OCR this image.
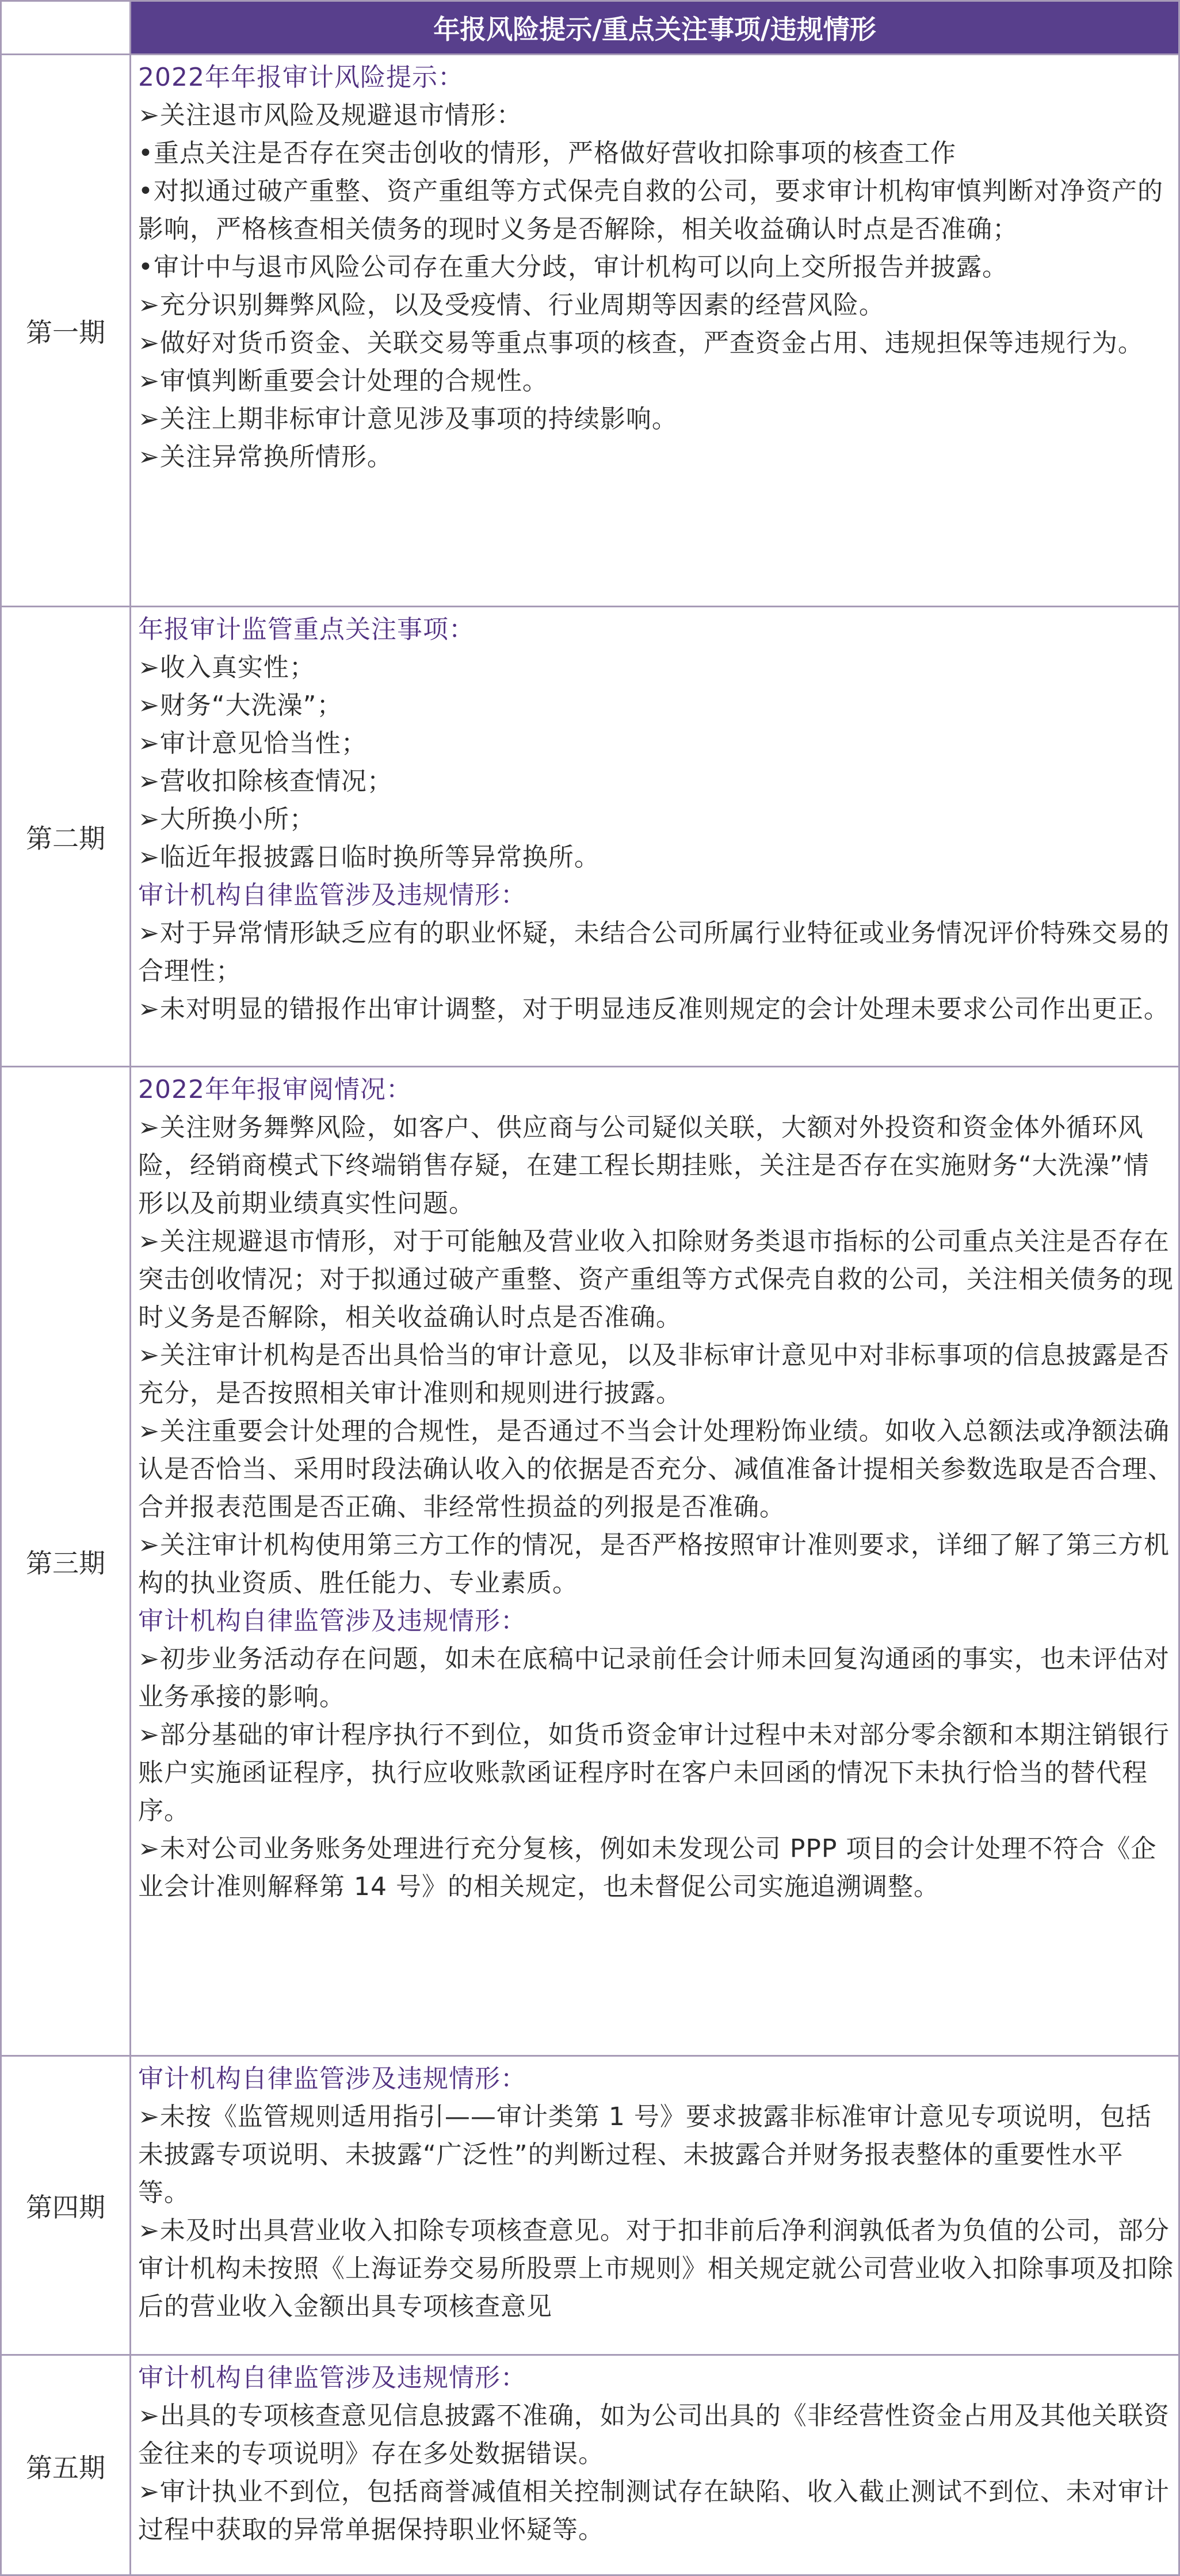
年报风险提示/重点关注事项/违规情形
第一期
2022年年报审计风险提示：
➢关注退市风险及规避退市情形：
•重点关注是否存在突击创收的情形，严格做好营收扣除事项的核查工作
•对拟通过破产重整、资产重组等方式保壳自救的公司，要求审计机构审慎判断对净资产的影响，严格核查相关债务的现时义务是否解除，相关收益确认时点是否准确；
•审计中与退市风险公司存在重大分歧，审计机构可以向上交所报告并披露。
➢充分识别舞弊风险，以及受疫情、行业周期等因素的经营风险。
➢做好对货币资金、关联交易等重点事项的核查，严查资金占用、违规担保等违规行为。
➢审慎判断重要会计处理的合规性。
➢关注上期非标审计意见涉及事项的持续影响。
➢关注异常换所情形。
第二期
年报审计监管重点关注事项：
➢收入真实性；
➢财务“大洗澡”；
➢审计意见恰当性；
➢营收扣除核查情况；
➢大所换小所；
➢临近年报披露日临时换所等异常换所。
审计机构自律监管涉及违规情形：
➢对于异常情形缺乏应有的职业怀疑，未结合公司所属行业特征或业务情况评价特殊交易的合理性；
➢未对明显的错报作出审计调整，对于明显违反准则规定的会计处理未要求公司作出更正。
第三期
2022年年报审阅情况：
➢关注财务舞弊风险，如客户、供应商与公司疑似关联，大额对外投资和资金体外循环风险，经销商模式下终端销售存疑，在建工程长期挂账，关注是否存在实施财务“大洗澡”情形以及前期业绩真实性问题。
➢关注规避退市情形，对于可能触及营业收入扣除财务类退市指标的公司重点关注是否存在突击创收情况；对于拟通过破产重整、资产重组等方式保壳自救的公司，关注相关债务的现时义务是否解除，相关收益确认时点是否准确。
➢关注审计机构是否出具恰当的审计意见，以及非标审计意见中对非标事项的信息披露是否充分，是否按照相关审计准则和规则进行披露。
➢关注重要会计处理的合规性，是否通过不当会计处理粉饰业绩。如收入总额法或净额法确认是否恰当、采用时段法确认收入的依据是否充分、减值准备计提相关参数选取是否合理、合并报表范围是否正确、非经常性损益的列报是否准确。
➢关注审计机构使用第三方工作的情况，是否严格按照审计准则要求，详细了解了第三方机构的执业资质、胜任能力、专业素质。
审计机构自律监管涉及违规情形：
➢初步业务活动存在问题，如未在底稿中记录前任会计师未回复沟通函的事实，也未评估对业务承接的影响。
➢部分基础的审计程序执行不到位，如货币资金审计过程中未对部分零余额和本期注销银行账户实施函证程序，执行应收账款函证程序时在客户未回函的情况下未执行恰当的替代程序。
➢未对公司业务账务处理进行充分复核，例如未发现公司 PPP 项目的会计处理不符合《企业会计准则解释第 14 号》的相关规定，也未督促公司实施追溯调整。
第四期
审计机构自律监管涉及违规情形：
➢未按《监管规则适用指引——审计类第 1 号》要求披露非标准审计意见专项说明，包括未披露专项说明、未披露“广泛性”的判断过程、未披露合并财务报表整体的重要性水平等。
➢未及时出具营业收入扣除专项核查意见。对于扣非前后净利润孰低者为负值的公司，部分审计机构未按照《上海证券交易所股票上市规则》相关规定就公司营业收入扣除事项及扣除后的营业收入金额出具专项核查意见
第五期
审计机构自律监管涉及违规情形：
➢出具的专项核查意见信息披露不准确，如为公司出具的《非经营性资金占用及其他关联资金往来的专项说明》存在多处数据错误。
➢审计执业不到位，包括商誉减值相关控制测试存在缺陷、收入截止测试不到位、未对审计过程中获取的异常单据保持职业怀疑等。
